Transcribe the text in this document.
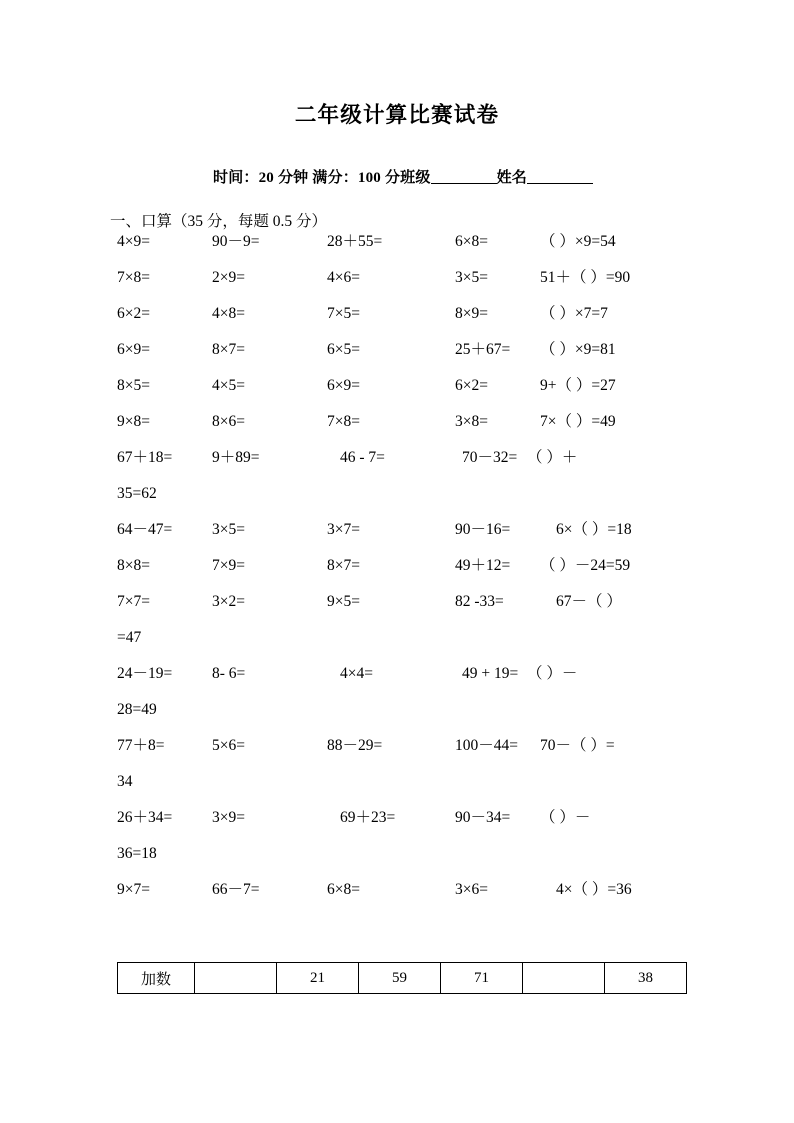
二年级计算比赛试卷
时间：20 分钟 满分：100 分班级	姓名
一、口算（35 分，每题 0.5 分）
4×9=	90－9=	28＋55=	6×8=	（ ）×9=54
7×8=	2×9=	4×6=	3×5=	51＋（ ）=90
6×2=	4×8=	7×5=	8×9=	（ ）×7=7
6×9=	8×7=	6×5=	25＋67= （ ）×9=81
8×5=	4×5=	6×9=	6×2=	9+（ ）=27
9×8=	8×6=	7×8=	3×8=	7×（ ）=49
67＋18=	9＋89=	46 - 7=	70－32= （ ）＋
35=62
64－47=	3×5=	3×7=	90－16=	6×（ ）=18
8×8=	7×9=	8×7=	49＋12= （ ）－24=59
7×7=	3×2=	9×5=	82 -33=	67－（ ）
=47
24－19=	8- 6=	4×4=	49 + 19= （ ）－
28=49
77＋8=	5×6=	88－29=	100－44= 70－（ ）=
34
26＋34=	3×9=	69＋23=	90－34= （ ）－
36=18
9×7=	66－7=	6×8=	3×6=	4×（ ）=36
加数		21	59	71		38
